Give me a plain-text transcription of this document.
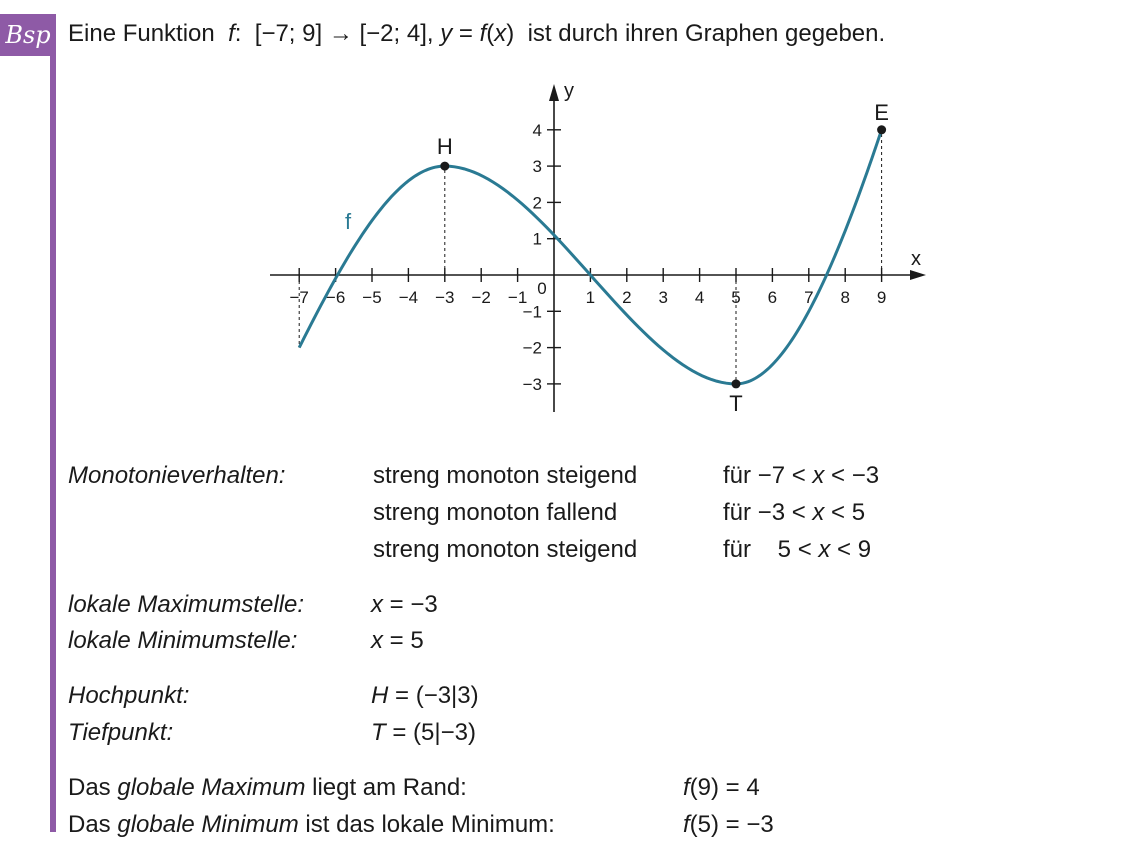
Bsp Eine Funktion  f:  [−7; 9] → [−2; 4], y = f(x)  ist durch ihren Graphen gegeben.
x
y
0
−7 −6 −5 −4 −3 −2 −1	1 2 3 4 5 6 7 8 9
4
3
2
1
−1
−2
−3
f
H
T
E
Monotonieverhalten:	streng monoton steigend	für −7 < x < −3
streng monoton fallend	für −3 < x < 5
streng monoton steigend	für    5 < x < 9
lokale Maximumstelle:	x = −3
lokale Minimumstelle:	x = 5
Hochpunkt:	H = (−3|3)
Tiefpunkt:	T = (5|−3)
Das globale Maximum liegt am Rand:	f(9) = 4
Das globale Minimum ist das lokale Minimum:	f(5) = −3
